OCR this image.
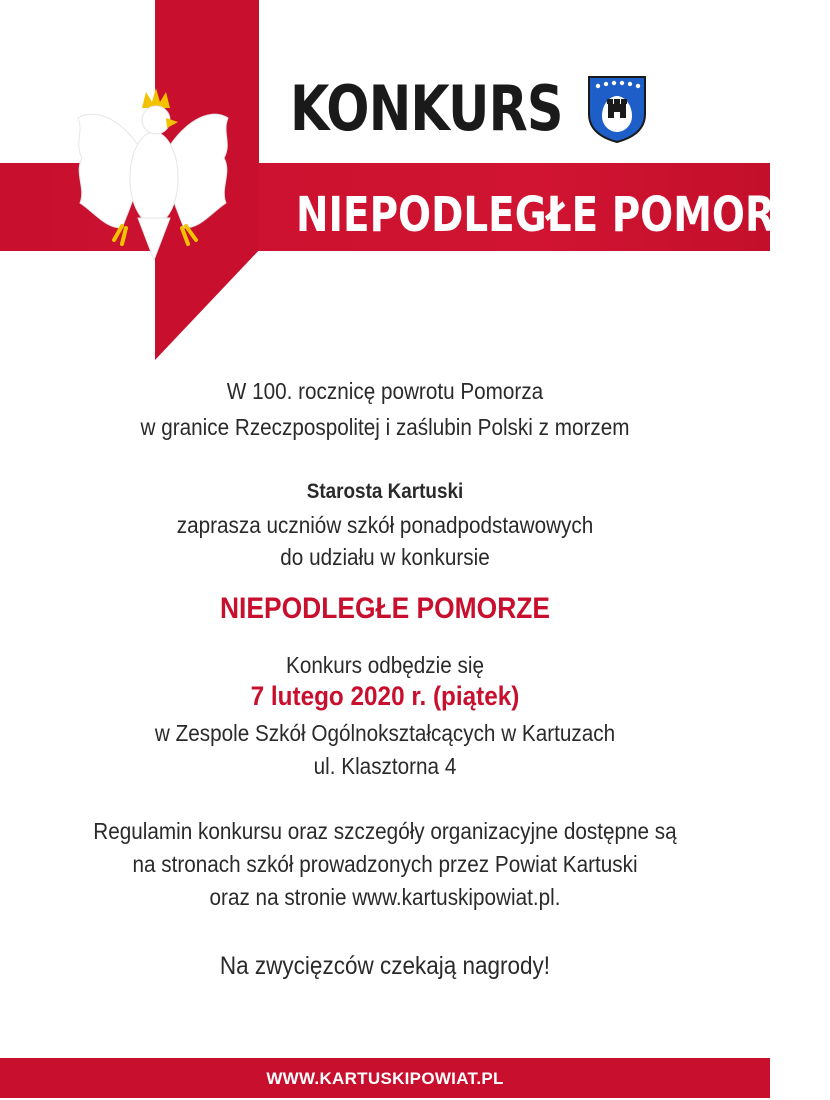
KONKURS
NIEPODLEGŁE POMORZE
W 100. rocznicę powrotu Pomorza
w granice Rzeczpospolitej i zaślubin Polski z morzem
Starosta Kartuski
zaprasza uczniów szkół ponadpodstawowych
do udziału w konkursie
NIEPODLEGŁE POMORZE
Konkurs odbędzie się
7 lutego 2020 r. (piątek)
w Zespole Szkół Ogólnokształcących w Kartuzach
ul. Klasztorna 4
Regulamin konkursu oraz szczegóły organizacyjne dostępne są
na stronach szkół prowadzonych przez Powiat Kartuski
oraz na stronie www.kartuskipowiat.pl.
Na zwycięzców czekają nagrody!
WWW.KARTUSKIPOWIAT.PL
